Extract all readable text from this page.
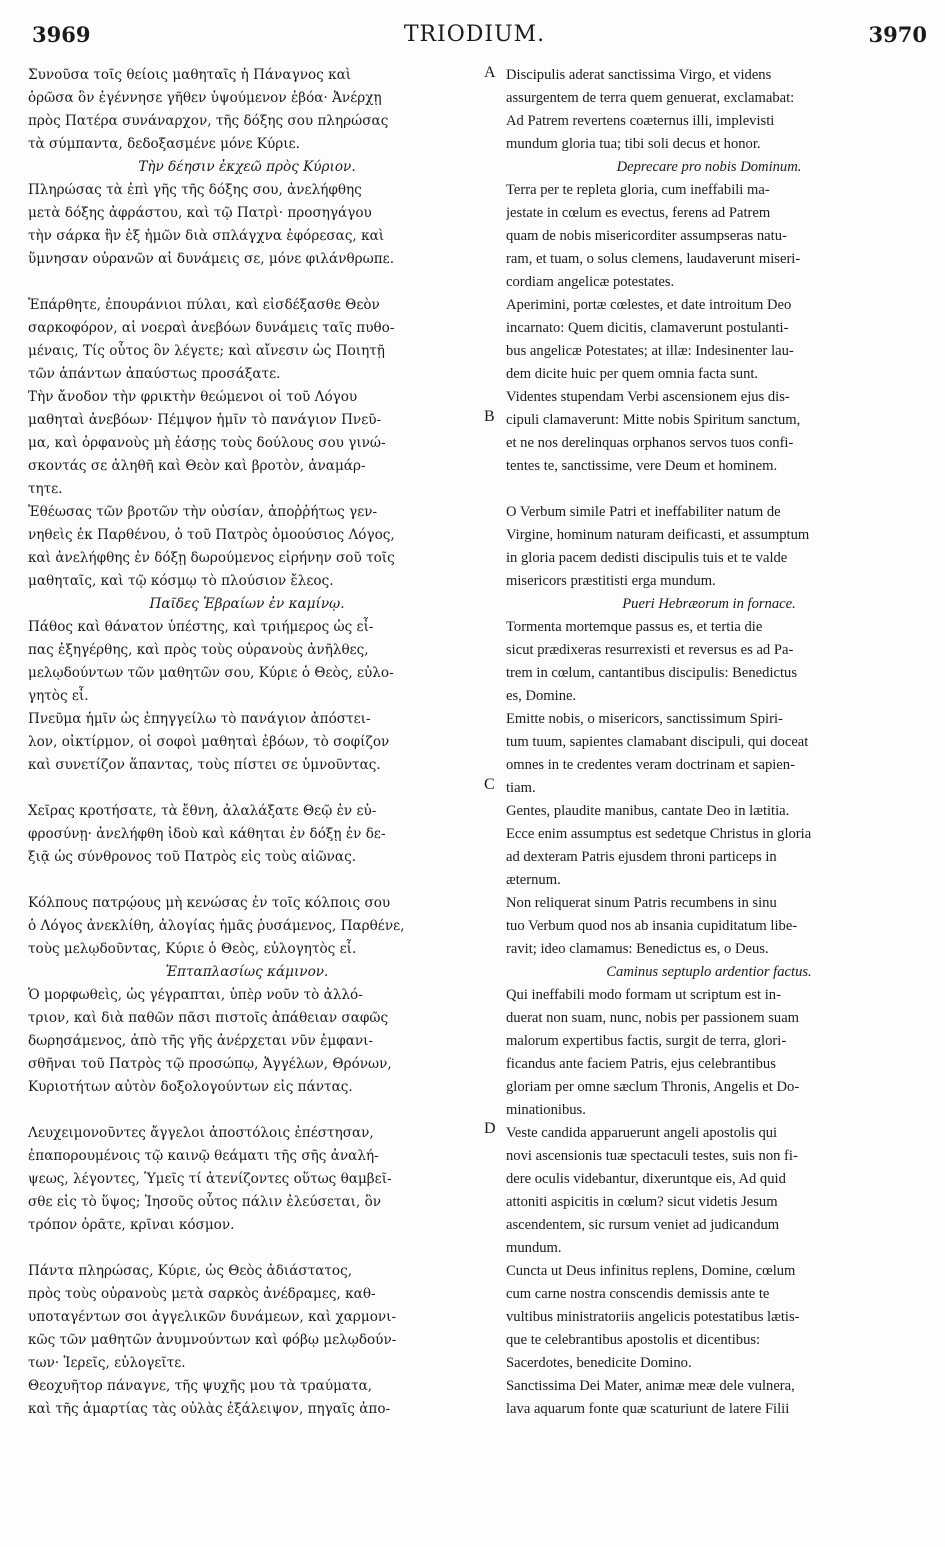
3969	TRIODIUM.	3970
Συνοῦσα τοῖς θείοις μαθηταῖς ἡ Πάναγνος καὶ
ὁρῶσα ὃν ἐγέννησε γῆθεν ὑψούμενον ἐβόα· Ἀνέρχῃ
πρὸς Πατέρα συνάναρχον, τῆς δόξης σου πληρώσας
τὰ σύμπαντα, δεδοξασμένε μόνε Κύριε.
Τὴν δέησιν ἐκχεῶ πρὸς Κύριον.
Πληρώσας τὰ ἐπὶ γῆς τῆς δόξης σου, ἀνελήφθης
μετὰ δόξης ἀφράστου, καὶ τῷ Πατρὶ· προσηγάγου
τὴν σάρκα ἣν ἐξ ἡμῶν διὰ σπλάγχνα ἐφόρεσας, καὶ
ὕμνησαν οὐρανῶν αἱ δυνάμεις σε, μόνε φιλάνθρωπε.
Ἐπάρθητε, ἐπουράνιοι πύλαι, καὶ εἰσδέξασθε Θεὸν
σαρκοφόρον, αἱ νοεραὶ ἀνεβόων δυνάμεις ταῖς πυθο-
μέναις, Τίς οὗτος ὃν λέγετε; καὶ αἴνεσιν ὡς Ποιητῇ
τῶν ἁπάντων ἀπαύστως προσάξατε.
Τὴν ἄνοδον τὴν φρικτὴν θεώμενοι οἱ τοῦ Λόγου
μαθηταὶ ἀνεβόων· Πέμψον ἡμῖν τὸ πανάγιον Πνεῦ-
μα, καὶ ὀρφανοὺς μὴ ἐάσῃς τοὺς δούλους σου γινώ-
σκοντάς σε ἀληθῆ καὶ Θεὸν καὶ βροτὸν, ἀναμάρ-
τητε.
Ἐθέωσας τῶν βροτῶν τὴν οὐσίαν, ἀποῤῥήτως γεν-
νηθεὶς ἐκ Παρθένου, ὁ τοῦ Πατρὸς ὁμοούσιος Λόγος,
καὶ ἀνελήφθης ἐν δόξῃ δωρούμενος εἰρήνην σοῦ τοῖς
μαθηταῖς, καὶ τῷ κόσμῳ τὸ πλούσιον ἔλεος.
Παῖδες Ἑβραίων ἐν καμίνῳ.
Πάθος καὶ θάνατον ὑπέστης, καὶ τριήμερος ὡς εἶ-
πας ἐξηγέρθης, καὶ πρὸς τοὺς οὐρανοὺς ἀνῆλθες,
μελῳδούντων τῶν μαθητῶν σου, Κύριε ὁ Θεὸς, εὐλο-
γητὸς εἶ.
Πνεῦμα ἡμῖν ὡς ἐπηγγείλω τὸ πανάγιον ἀπόστει-
λον, οἰκτίρμον, οἱ σοφοὶ μαθηταὶ ἐβόων, τὸ σοφίζον
καὶ συνετίζον ἅπαντας, τοὺς πίστει σε ὑμνοῦντας.
Χεῖρας κροτήσατε, τὰ ἔθνη, ἀλαλάξατε Θεῷ ἐν εὐ-
φροσύνῃ· ἀνελήφθη ἰδοὺ καὶ κάθηται ἐν δόξῃ ἐν δε-
ξιᾷ ὡς σύνθρονος τοῦ Πατρὸς εἰς τοὺς αἰῶνας.
Κόλπους πατρῴους μὴ κενώσας ἐν τοῖς κόλποις σου
ὁ Λόγος ἀνεκλίθη, ἀλογίας ἡμᾶς ῥυσάμενος, Παρθένε,
τοὺς μελῳδοῦντας, Κύριε ὁ Θεὸς, εὐλογητὸς εἶ.
Ἑπταπλασίως κάμινον.
Ὁ μορφωθεὶς, ὡς γέγραπται, ὑπὲρ νοῦν τὸ ἀλλό-
τριον, καὶ διὰ παθῶν πᾶσι πιστοῖς ἀπάθειαν σαφῶς
δωρησάμενος, ἀπὸ τῆς γῆς ἀνέρχεται νῦν ἐμφανι-
σθῆναι τοῦ Πατρὸς τῷ προσώπῳ, Ἀγγέλων, Θρόνων,
Κυριοτήτων αὐτὸν δοξολογούντων εἰς πάντας.
Λευχειμονοῦντες ἄγγελοι ἀποστόλοις ἐπέστησαν,
ἐπαπορουμένοις τῷ καινῷ θεάματι τῆς σῆς ἀναλή-
ψεως, λέγοντες, Ὑμεῖς τί ἀτενίζοντες οὕτως θαμβεῖ-
σθε εἰς τὸ ὕψος; Ἰησοῦς οὗτος πάλιν ἐλεύσεται, ὃν
τρόπον ὁρᾶτε, κρῖναι κόσμον.
Πάντα πληρώσας, Κύριε, ὡς Θεὸς ἀδιάστατος,
πρὸς τοὺς οὐρανοὺς μετὰ σαρκὸς ἀνέδραμες, καθ-
υποταγέντων σοι ἀγγελικῶν δυνάμεων, καὶ χαρμονι-
κῶς τῶν μαθητῶν ἀνυμνούντων καὶ φόβῳ μελῳδούν-
των· Ἱερεῖς, εὐλογεῖτε.
Θεοχυῆτορ πάναγνε, τῆς ψυχῆς μου τὰ τραύματα,
καὶ τῆς ἁμαρτίας τὰς οὐλὰς ἐξάλειψον, πηγαῖς ἀπο-
Discipulis aderat sanctissima Virgo, et videns
assurgentem de terra quem genuerat, exclamabat:
Ad Patrem revertens coæternus illi, implevisti
mundum gloria tua; tibi soli decus et honor.
Deprecare pro nobis Dominum.
Terra per te repleta gloria, cum ineffabili ma-
jestate in cœlum es evectus, ferens ad Patrem
quam de nobis misericorditer assumpseras natu-
ram, et tuam, o solus clemens, laudaverunt miseri-
cordiam angelicæ potestates.
Aperimini, portæ cœlestes, et date introitum Deo
incarnato: Quem dicitis, clamaverunt postulanti-
bus angelicæ Potestates; at illæ: Indesinenter lau-
dem dicite huic per quem omnia facta sunt.
Videntes stupendam Verbi ascensionem ejus dis-
cipuli clamaverunt: Mitte nobis Spiritum sanctum,
et ne nos derelinquas orphanos servos tuos confi-
tentes te, sanctissime, vere Deum et hominem.
O Verbum simile Patri et ineffabiliter natum de
Virgine, hominum naturam deificasti, et assumptum
in gloria pacem dedisti discipulis tuis et te valde
misericors præstitisti erga mundum.
Pueri Hebræorum in fornace.
Tormenta mortemque passus es, et tertia die
sicut prædixeras resurrexisti et reversus es ad Pa-
trem in cœlum, cantantibus discipulis: Benedictus
es, Domine.
Emitte nobis, o misericors, sanctissimum Spiri-
tum tuum, sapientes clamabant discipuli, qui doceat
omnes in te credentes veram doctrinam et sapien-
tiam.
Gentes, plaudite manibus, cantate Deo in lætitia.
Ecce enim assumptus est sedetque Christus in gloria
ad dexteram Patris ejusdem throni particeps in
æternum.
Non reliquerat sinum Patris recumbens in sinu
tuo Verbum quod nos ab insania cupiditatum libe-
ravit; ideo clamamus: Benedictus es, o Deus.
Caminus septuplo ardentior factus.
Qui ineffabili modo formam ut scriptum est in-
duerat non suam, nunc, nobis per passionem suam
malorum expertibus factis, surgit de terra, glori-
ficandus ante faciem Patris, ejus celebrantibus
gloriam per omne sæclum Thronis, Angelis et Do-
minationibus.
Veste candida apparuerunt angeli apostolis qui
novi ascensionis tuæ spectaculi testes, suis non fi-
dere oculis videbantur, dixeruntque eis, Ad quid
attoniti aspicitis in cœlum? sicut videtis Jesum
ascendentem, sic rursum veniet ad judicandum
mundum.
Cuncta ut Deus infinitus replens, Domine, cœlum
cum carne nostra conscendis demissis ante te
vultibus ministratoriis angelicis potestatibus lætis-
que te celebrantibus apostolis et dicentibus:
Sacerdotes, benedicite Domino.
Sanctissima Dei Mater, animæ meæ dele vulnera,
lava aquarum fonte quæ scaturiunt de latere Filii
A
B
C
D
